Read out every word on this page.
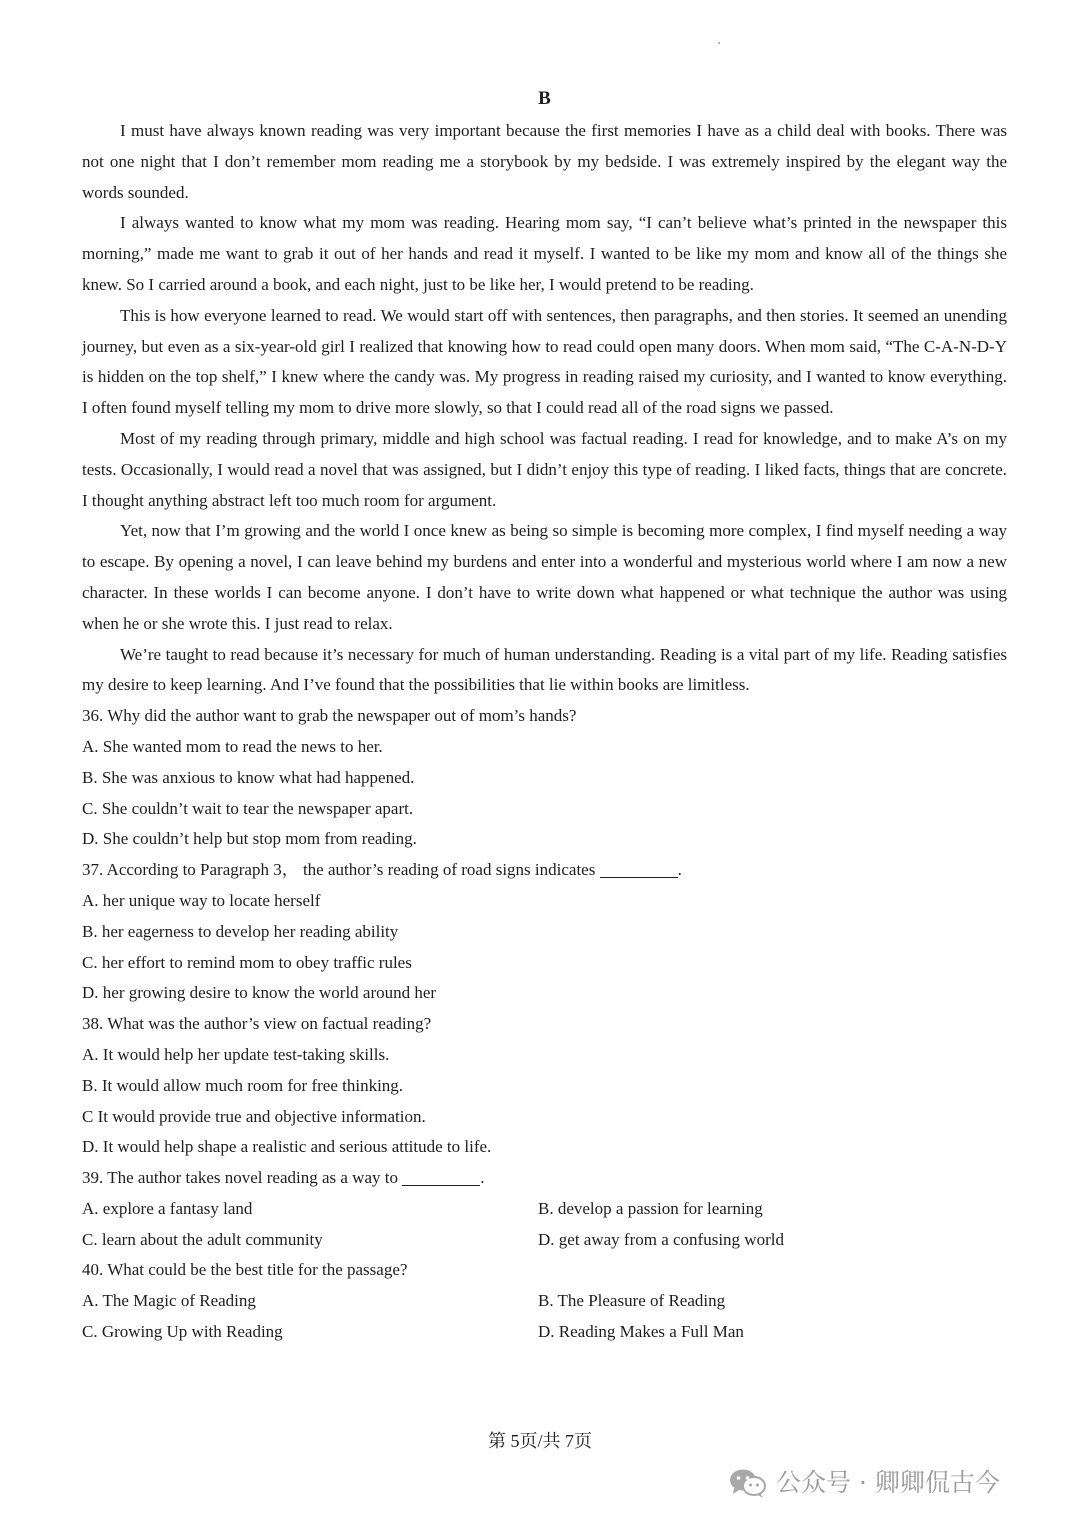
B

I must have always known reading was very important because the first memories I have as a child deal with books. There was not one night that I don’t remember mom reading me a storybook by my bedside. I was extremely inspired by the elegant way the words sounded.

I always wanted to know what my mom was reading. Hearing mom say, “I can’t believe what’s printed in the newspaper this morning,” made me want to grab it out of her hands and read it myself. I wanted to be like my mom and know all of the things she knew. So I carried around a book, and each night, just to be like her, I would pretend to be reading.

This is how everyone learned to read. We would start off with sentences, then paragraphs, and then stories. It seemed an unending journey, but even as a six-year-old girl I realized that knowing how to read could open many doors. When mom said, “The C-A-N-D-Y is hidden on the top shelf,” I knew where the candy was. My progress in reading raised my curiosity, and I wanted to know everything. I often found myself telling my mom to drive more slowly, so that I could read all of the road signs we passed.

Most of my reading through primary, middle and high school was factual reading. I read for knowledge, and to make A’s on my tests. Occasionally, I would read a novel that was assigned, but I didn’t enjoy this type of reading. I liked facts, things that are concrete. I thought anything abstract left too much room for argument.

Yet, now that I’m growing and the world I once knew as being so simple is becoming more complex, I find myself needing a way to escape. By opening a novel, I can leave behind my burdens and enter into a wonderful and mysterious world where I am now a new character. In these worlds I can become anyone. I don’t have to write down what happened or what technique the author was using when he or she wrote this. I just read to relax.

We’re taught to read because it’s necessary for much of human understanding. Reading is a vital part of my life. Reading satisfies my desire to keep learning. And I’ve found that the possibilities that lie within books are limitless.

36. Why did the author want to grab the newspaper out of mom’s hands?

A. She wanted mom to read the news to her.

B. She was anxious to know what had happened.

C. She couldn’t wait to tear the newspaper apart.

D. She couldn’t help but stop mom from reading.

37. According to Paragraph 3， the author’s reading of road signs indicates	.

A. her unique way to locate herself

B. her eagerness to develop her reading ability

C. her effort to remind mom to obey traffic rules

D. her growing desire to know the world around her

38. What was the author’s view on factual reading?

A. It would help her update test-taking skills.

B. It would allow much room for free thinking.

C It would provide true and objective information.

D. It would help shape a realistic and serious attitude to life.

39. The author takes novel reading as a way to	.

A. explore a fantasy land	B. develop a passion for learning
C. learn about the adult community	D. get away from a confusing world

40. What could be the best title for the passage?

A. The Magic of Reading	B. The Pleasure of Reading
C. Growing Up with Reading	D. Reading Makes a Full Man
第 5页/共 7页
公众号 · 卿卿侃古今
